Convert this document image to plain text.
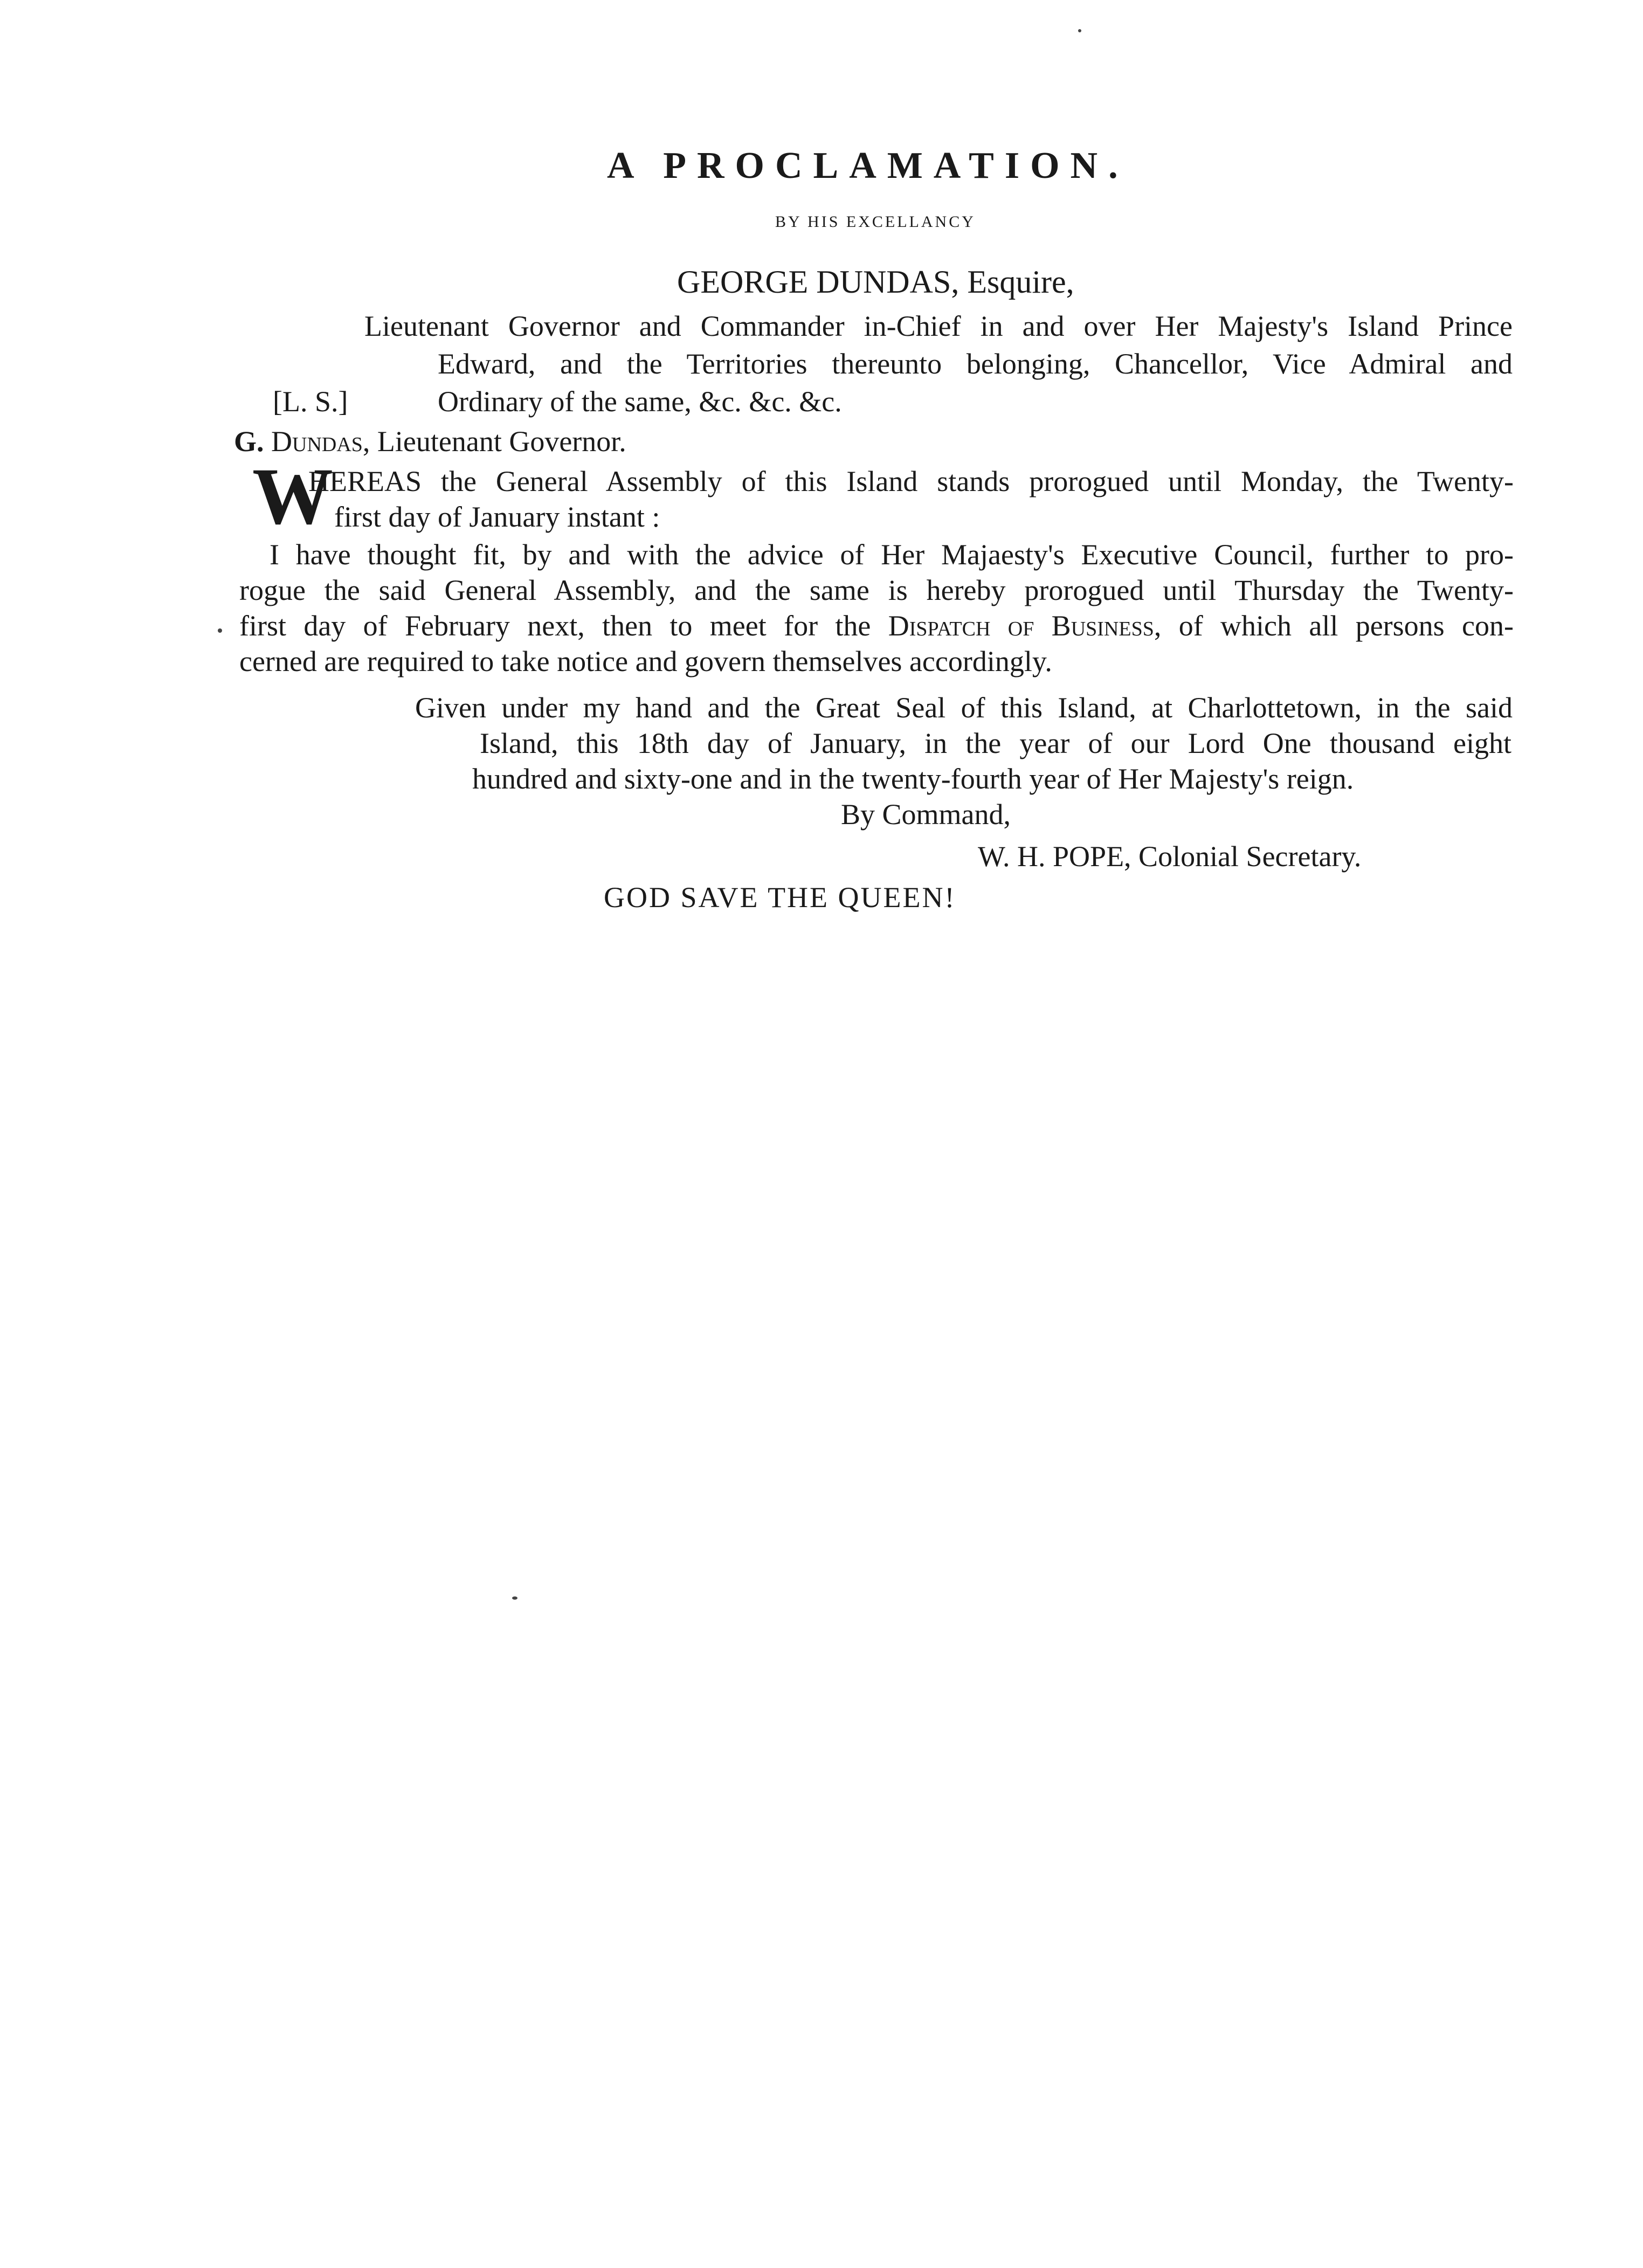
A PROCLAMATION.
BY HIS EXCELLANCY
GEORGE DUNDAS, Esquire,
Lieutenant Governor and Commander in-Chief in and over Her Majesty's Island Prince
Edward, and the Territories thereunto belonging, Chancellor, Vice Admiral and
Ordinary of the same, &c. &c. &c.
[L. S.]
G. Dundas, Lieutenant Governor.
W
HEREAS the General Assembly of this Island stands prorogued until Monday, the Twenty-
first day of January instant :
I have thought fit, by and with the advice of Her Majaesty's Executive Council, further to pro-
rogue the said General Assembly, and the same is hereby prorogued until Thursday the Twenty-
first day of February next, then to meet for the Dispatch of Business, of which all persons con-
cerned are required to take notice and govern themselves accordingly.
Given under my hand and the Great Seal of this Island, at Charlottetown, in the said
Island, this 18th day of January, in the year of our Lord One thousand eight
hundred and sixty-one and in the twenty-fourth year of Her Majesty's reign.
By Command,
W. H. POPE, Colonial Secretary.
GOD SAVE THE QUEEN!
